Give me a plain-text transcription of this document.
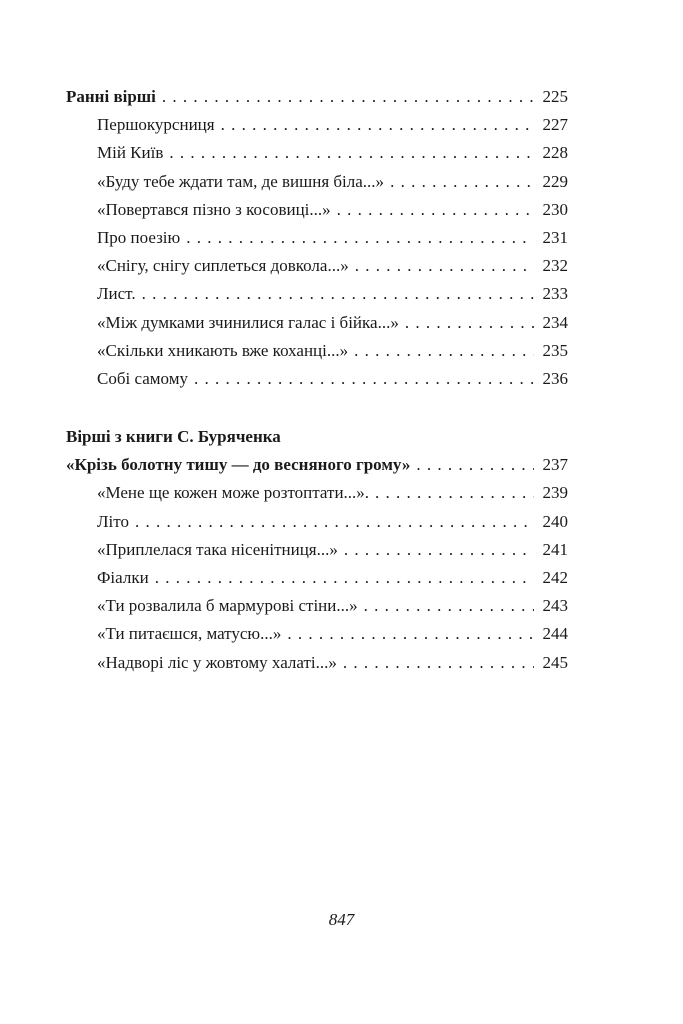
Ранні вірші . . .	225
Першокурсниця . . .	227
Мій Київ . . .	228
«Буду тебе ждати там, де вишня біла...» . . .	229
«Повертався пізно з косовиці...» . . .	230
Про поезію . . .	231
«Снігу, снігу сиплеться довкола...» . . .	232
Лист. . . .	233
«Між думками зчинилися галас і бійка...» . . .	234
«Скільки хникають вже коханці...» . . .	235
Собі самому . . .	236
Вірші з книги С. Буряченка
«Крізь болотну тишу — до весняного грому» . . .	237
«Мене ще кожен може розтоптати...». . . .	239
Літо . . .	240
«Приплелася така нісенітниця...» . . .	241
Фіалки . . .	242
«Ти розвалила б мармурові стіни...» . . .	243
«Ти питаєшся, матусю...» . . .	244
«Надворі ліс у жовтому халаті...» . . .	245
847
